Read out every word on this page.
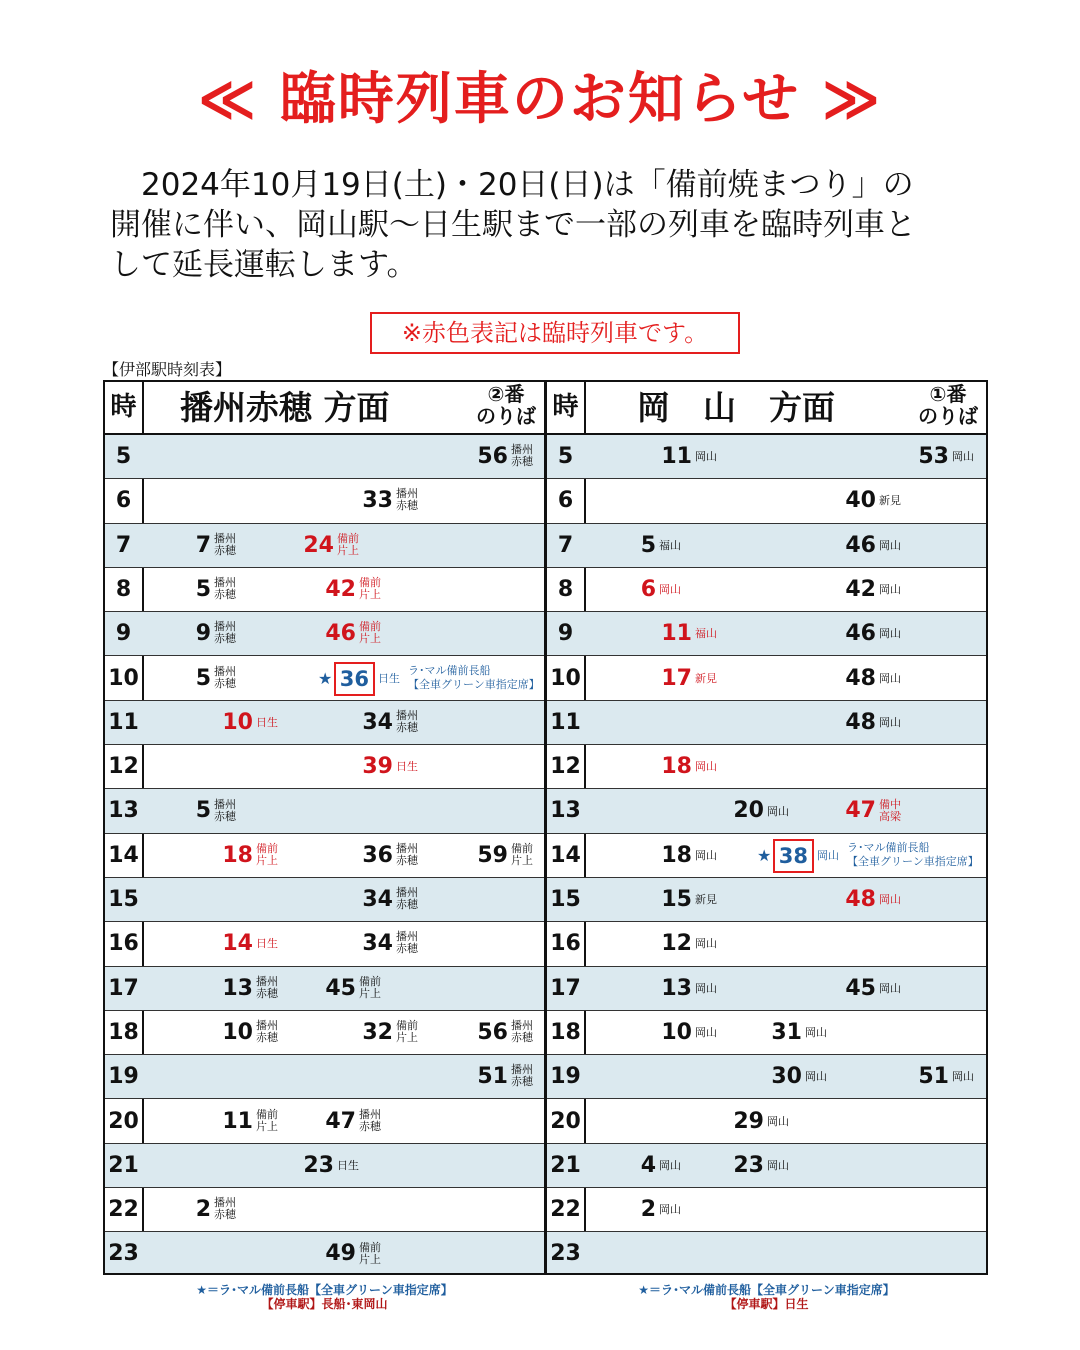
≪ 臨時列車のお知らせ ≫

　2024年10月19日(土)・20日(日)は「備前焼まつり」の

開催に伴い、岡山駅～日生駅まで一部の列車を臨時列車と

して延長運転します。

※赤色表記は臨時列車です。
【伊部駅時刻表】
時 播州赤穂 方面	②番
のりば
5	56 播州
赤穂
6	33 播州
赤穂
7	7 播州
赤穂	24 備前
片上
8	5 播州
赤穂	42 備前
片上
9	9 播州
赤穂	46 備前
片上
10	5 播州
赤穂	36 日生
★	ラ･マル備前長船
【全車グリーン車指定席】
11	10 日生	34 播州
赤穂
12	39 日生
13	5 播州
赤穂
14	18 備前
片上	36 播州
赤穂	59 備前
片上
15	34 播州
赤穂
16	14 日生	34 播州
赤穂
17	13 播州
赤穂 45 備前
片上
18	10 播州
赤穂	32 備前
片上	56 播州
赤穂
19	51 播州
赤穂
20	11 備前
片上 47 播州
赤穂
21	23 日生
22	2 播州
赤穂
23	49 備前
片上
時 岡　山　方面	①番
のりば
5	11 岡山	53 岡山
6	40 新見
7	5 福山	46 岡山
8	6 岡山	42 岡山
9	11 福山	46 岡山
10	17 新見	48 岡山
11	48 岡山
12	18 岡山
13	20 岡山	47 備中
高梁
14	18 岡山	38 岡山
★	ラ･マル備前長船
【全車グリーン車指定席】
15	15 新見	48 岡山
16	12 岡山
17	13 岡山	45 岡山
18	10 岡山 31 岡山
19	30 岡山	51 岡山
20	29 岡山
21	4 岡山 23 岡山
22	2 岡山
23
★＝ラ･マル備前長船【全車グリーン車指定席】
【停車駅】長船･東岡山
★＝ラ･マル備前長船【全車グリーン車指定席】
【停車駅】日生
